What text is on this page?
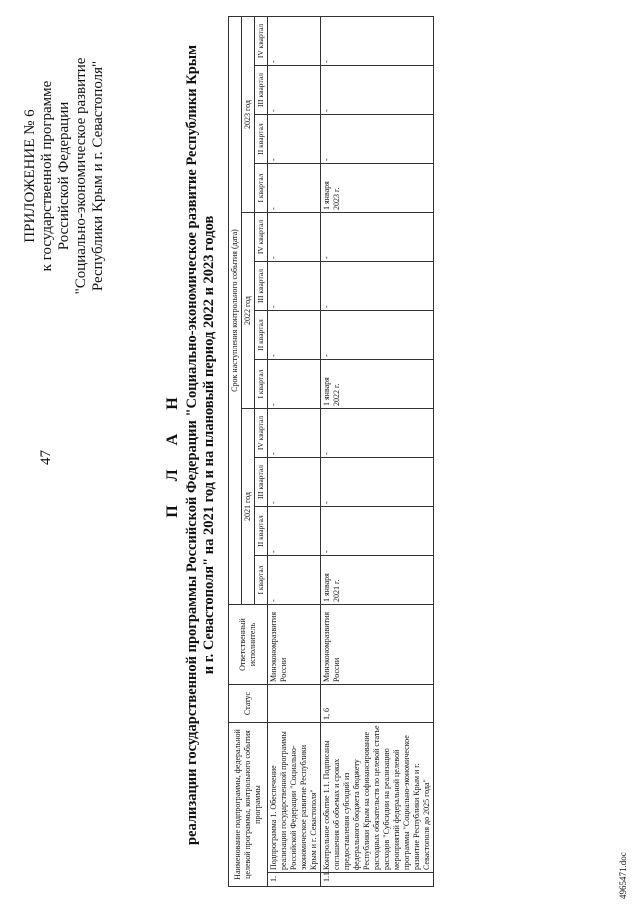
47
ПРИЛОЖЕНИЕ № 6 к государственной программе Российской Федерации "Социально-экономическое развитие Республики Крым и г. Севастополя"
П Л А Н реализации государственной программы Российской Федерации "Социально-экономическое развитие Республики Крым и г. Севастополя" на 2021 год и на плановый период 2022 и 2023 годов
Наименование подпрограммы, федеральной целевой программы, контрольного события программы		Статус	Ответственный исполнитель	Срок наступления контрольного события (дата)											
				2021 год				2022 год				2023 год			
				I квартал	II квартал	III квартал	IV квартал	I квартал	II квартал	III квартал	IV квартал	I квартал	II квартал	III квартал	IV квартал
1.	Подпрограмма 1. Обеспечение реализации государственной программы Российской Федерации "Социально-экономическое развитие Республики Крым и г. Севастополя"		Минэкономразвития России	-	-	-	-	-	-	-	-	-	-	-	-
1.1.	Контрольное событие 1.1. Подписаны соглашения об объемах и сроках предоставления субсидий из федерального бюджета бюджету Республики Крым на софинансирование расходных обязательств по целевой статье расходов "Субсидии на реализацию мероприятий федеральной целевой программы "Социально-экономическое развитие Республики Крым и г. Севастополя до 2025 года"	1, 6	Минэкономразвития России	1 января 2021 г.	-	-	-	1 января 2022 г.	-	-	-	1 января 2023 г.	-	-	-
4965471.doc
